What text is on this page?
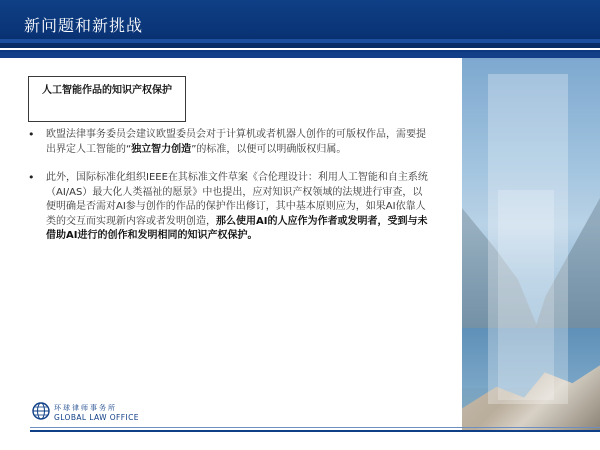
新问题和新挑战
人工智能作品的知识产权保护
• 欧盟法律事务委员会建议欧盟委员会对于计算机或者机器人创作的可版权作品，需要提出界定人工智能的“独立智力创造”的标准，以便可以明确版权归属。
• 此外，国际标准化组织IEEE在其标准文件草案《合伦理设计：利用人工智能和自主系统（AI/AS）最大化人类福祉的愿景》中也提出，应对知识产权领域的法规进行审查，以便明确是否需对AI参与创作的作品的保护作出修订，其中基本原则应为，如果AI依靠人类的交互而实现新内容或者发明创造，那么使用AI的人应作为作者或发明者，受到与未借助AI进行的创作和发明相同的知识产权保护。
环球律师事务所
GLOBAL LAW OFFICE
